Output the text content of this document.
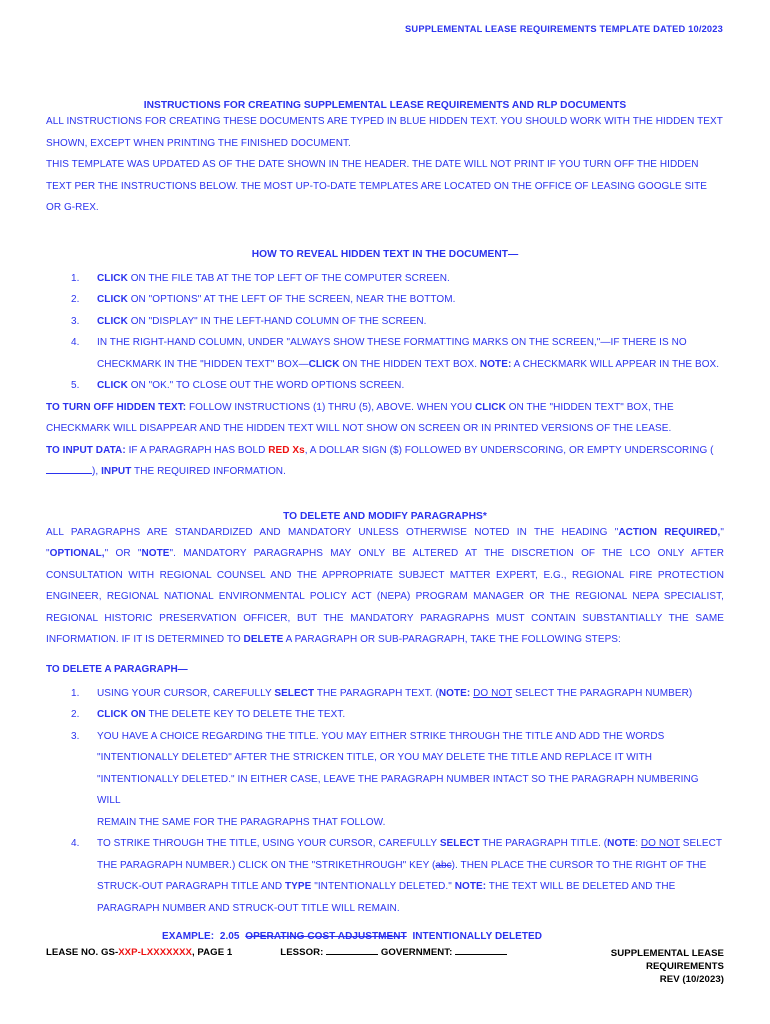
SUPPLEMENTAL LEASE REQUIREMENTS TEMPLATE DATED 10/2023
INSTRUCTIONS FOR CREATING SUPPLEMENTAL LEASE REQUIREMENTS AND RLP DOCUMENTS

ALL INSTRUCTIONS FOR CREATING THESE DOCUMENTS ARE TYPED IN BLUE HIDDEN TEXT. YOU SHOULD WORK WITH THE HIDDEN TEXT SHOWN, EXCEPT WHEN PRINTING THE FINISHED DOCUMENT.

THIS TEMPLATE WAS UPDATED AS OF THE DATE SHOWN IN THE HEADER. THE DATE WILL NOT PRINT IF YOU TURN OFF THE HIDDEN TEXT PER THE INSTRUCTIONS BELOW. THE MOST UP-TO-DATE TEMPLATES ARE LOCATED ON THE OFFICE OF LEASING GOOGLE SITE OR G-REX.

HOW TO REVEAL HIDDEN TEXT IN THE DOCUMENT—
1.	CLICK ON THE FILE TAB AT THE TOP LEFT OF THE COMPUTER SCREEN.
2.	CLICK ON "OPTIONS" AT THE LEFT OF THE SCREEN, NEAR THE BOTTOM.
3.	CLICK ON "DISPLAY" IN THE LEFT-HAND COLUMN OF THE SCREEN.
4.	IN THE RIGHT-HAND COLUMN, UNDER "ALWAYS SHOW THESE FORMATTING MARKS ON THE SCREEN,"—IF THERE IS NO CHECKMARK IN THE "HIDDEN TEXT" BOX—CLICK ON THE HIDDEN TEXT BOX. NOTE: A CHECKMARK WILL APPEAR IN THE BOX.
5.	CLICK ON "OK." TO CLOSE OUT THE WORD OPTIONS SCREEN.

TO TURN OFF HIDDEN TEXT: FOLLOW INSTRUCTIONS (1) THRU (5), ABOVE. WHEN YOU CLICK ON THE "HIDDEN TEXT" BOX, THE CHECKMARK WILL DISAPPEAR AND THE HIDDEN TEXT WILL NOT SHOW ON SCREEN OR IN PRINTED VERSIONS OF THE LEASE.

TO INPUT DATA: IF A PARAGRAPH HAS BOLD RED Xs, A DOLLAR SIGN ($) FOLLOWED BY UNDERSCORING, OR EMPTY UNDERSCORING (), INPUT THE REQUIRED INFORMATION.

TO DELETE AND MODIFY PARAGRAPHS*

ALL PARAGRAPHS ARE STANDARDIZED AND MANDATORY UNLESS OTHERWISE NOTED IN THE HEADING "ACTION REQUIRED," "OPTIONAL," OR "NOTE". MANDATORY PARAGRAPHS MAY ONLY BE ALTERED AT THE DISCRETION OF THE LCO ONLY AFTER CONSULTATION WITH REGIONAL COUNSEL AND THE APPROPRIATE SUBJECT MATTER EXPERT, E.G., REGIONAL FIRE PROTECTION ENGINEER, REGIONAL NATIONAL ENVIRONMENTAL POLICY ACT (NEPA) PROGRAM MANAGER OR THE REGIONAL NEPA SPECIALIST, REGIONAL HISTORIC PRESERVATION OFFICER, BUT THE MANDATORY PARAGRAPHS MUST CONTAIN SUBSTANTIALLY THE SAME INFORMATION. IF IT IS DETERMINED TO DELETE A PARAGRAPH OR SUB-PARAGRAPH, TAKE THE FOLLOWING STEPS:

TO DELETE A PARAGRAPH—
1.	USING YOUR CURSOR, CAREFULLY SELECT THE PARAGRAPH TEXT. (NOTE: DO NOT SELECT THE PARAGRAPH NUMBER)
2.	CLICK ON THE DELETE KEY TO DELETE THE TEXT.
3.	YOU HAVE A CHOICE REGARDING THE TITLE. YOU MAY EITHER STRIKE THROUGH THE TITLE AND ADD THE WORDS "INTENTIONALLY DELETED" AFTER THE STRICKEN TITLE, OR YOU MAY DELETE THE TITLE AND REPLACE IT WITH "INTENTIONALLY DELETED." IN EITHER CASE, LEAVE THE PARAGRAPH NUMBER INTACT SO THE PARAGRAPH NUMBERING WILL
REMAIN THE SAME FOR THE PARAGRAPHS THAT FOLLOW.
4.	TO STRIKE THROUGH THE TITLE, USING YOUR CURSOR, CAREFULLY SELECT THE PARAGRAPH TITLE. (NOTE: DO NOT SELECT THE PARAGRAPH NUMBER.) CLICK ON THE "STRIKETHROUGH" KEY (abc). THEN PLACE THE CURSOR TO THE RIGHT OF THE STRUCK-OUT PARAGRAPH TITLE AND TYPE "INTENTIONALLY DELETED." NOTE: THE TEXT WILL BE DELETED AND THE
PARAGRAPH NUMBER AND STRUCK-OUT TITLE WILL REMAIN.
EXAMPLE: 2.05 OPERATING COST ADJUSTMENT INTENTIONALLY DELETED
LEASE NO. GS-XXP-LXXXXXXX, PAGE 1	LESSOR:	GOVERNMENT:	SUPPLEMENTAL LEASE
REQUIREMENTS
REV (10/2023)
